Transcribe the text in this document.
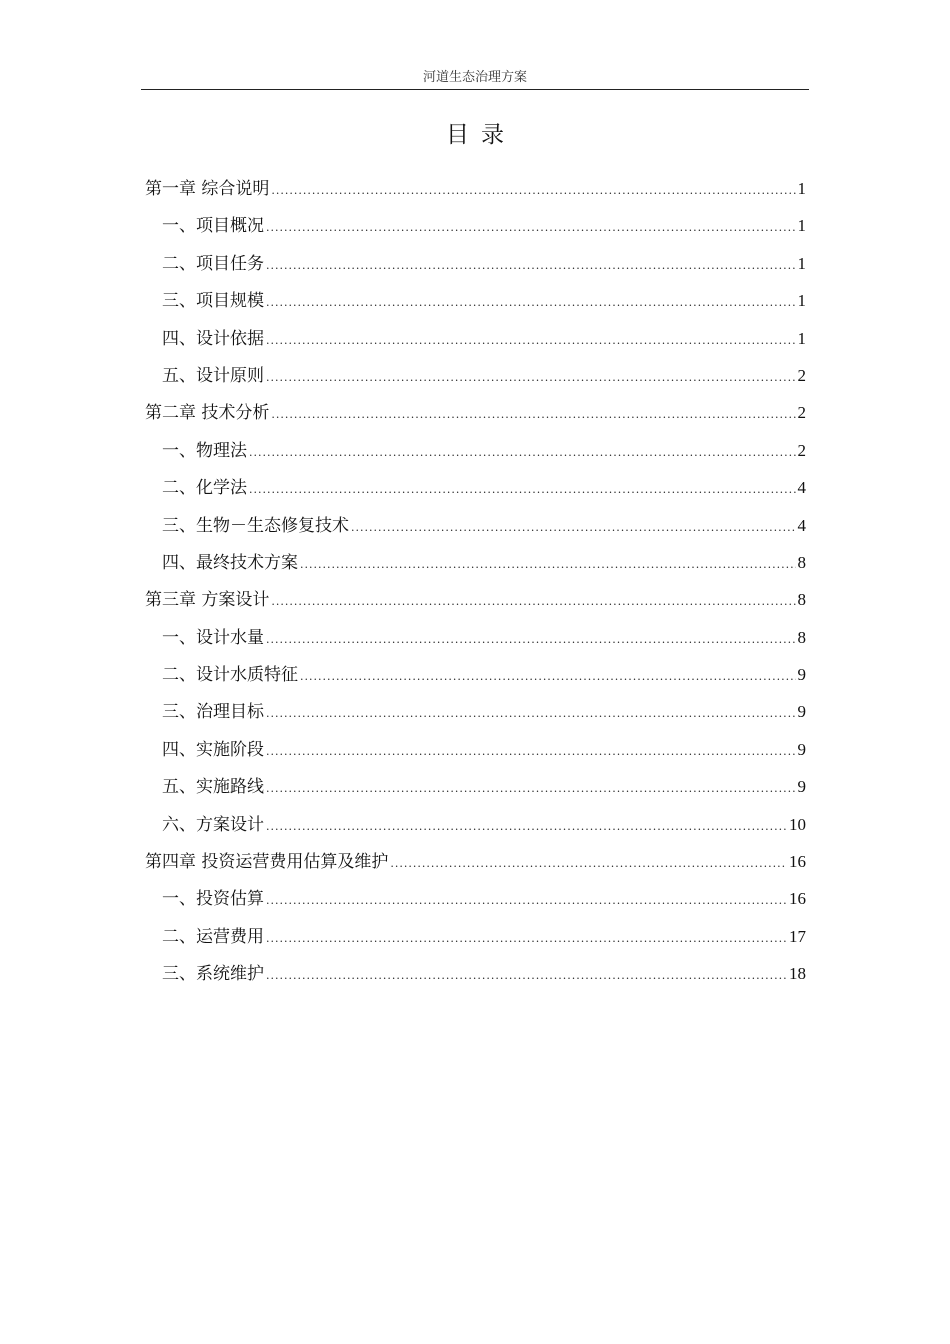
河道生态治理方案
目录
第一章 综合说明 .....	1
一、项目概况 .....	1
二、项目任务 .....	1
三、项目规模 .....	1
四、设计依据 .....	1
五、设计原则 .....	2
第二章 技术分析 .....	2
一、物理法 .....	2
二、化学法 .....	4
三、生物－生态修复技术 .....	4
四、最终技术方案 .....	8
第三章 方案设计 .....	8
一、设计水量 .....	8
二、设计水质特征 .....	9
三、治理目标 .....	9
四、实施阶段 .....	9
五、实施路线 .....	9
六、方案设计 .....	10
第四章 投资运营费用估算及维护 .....	16
一、投资估算 .....	16
二、运营费用 .....	17
三、系统维护 .....	18
